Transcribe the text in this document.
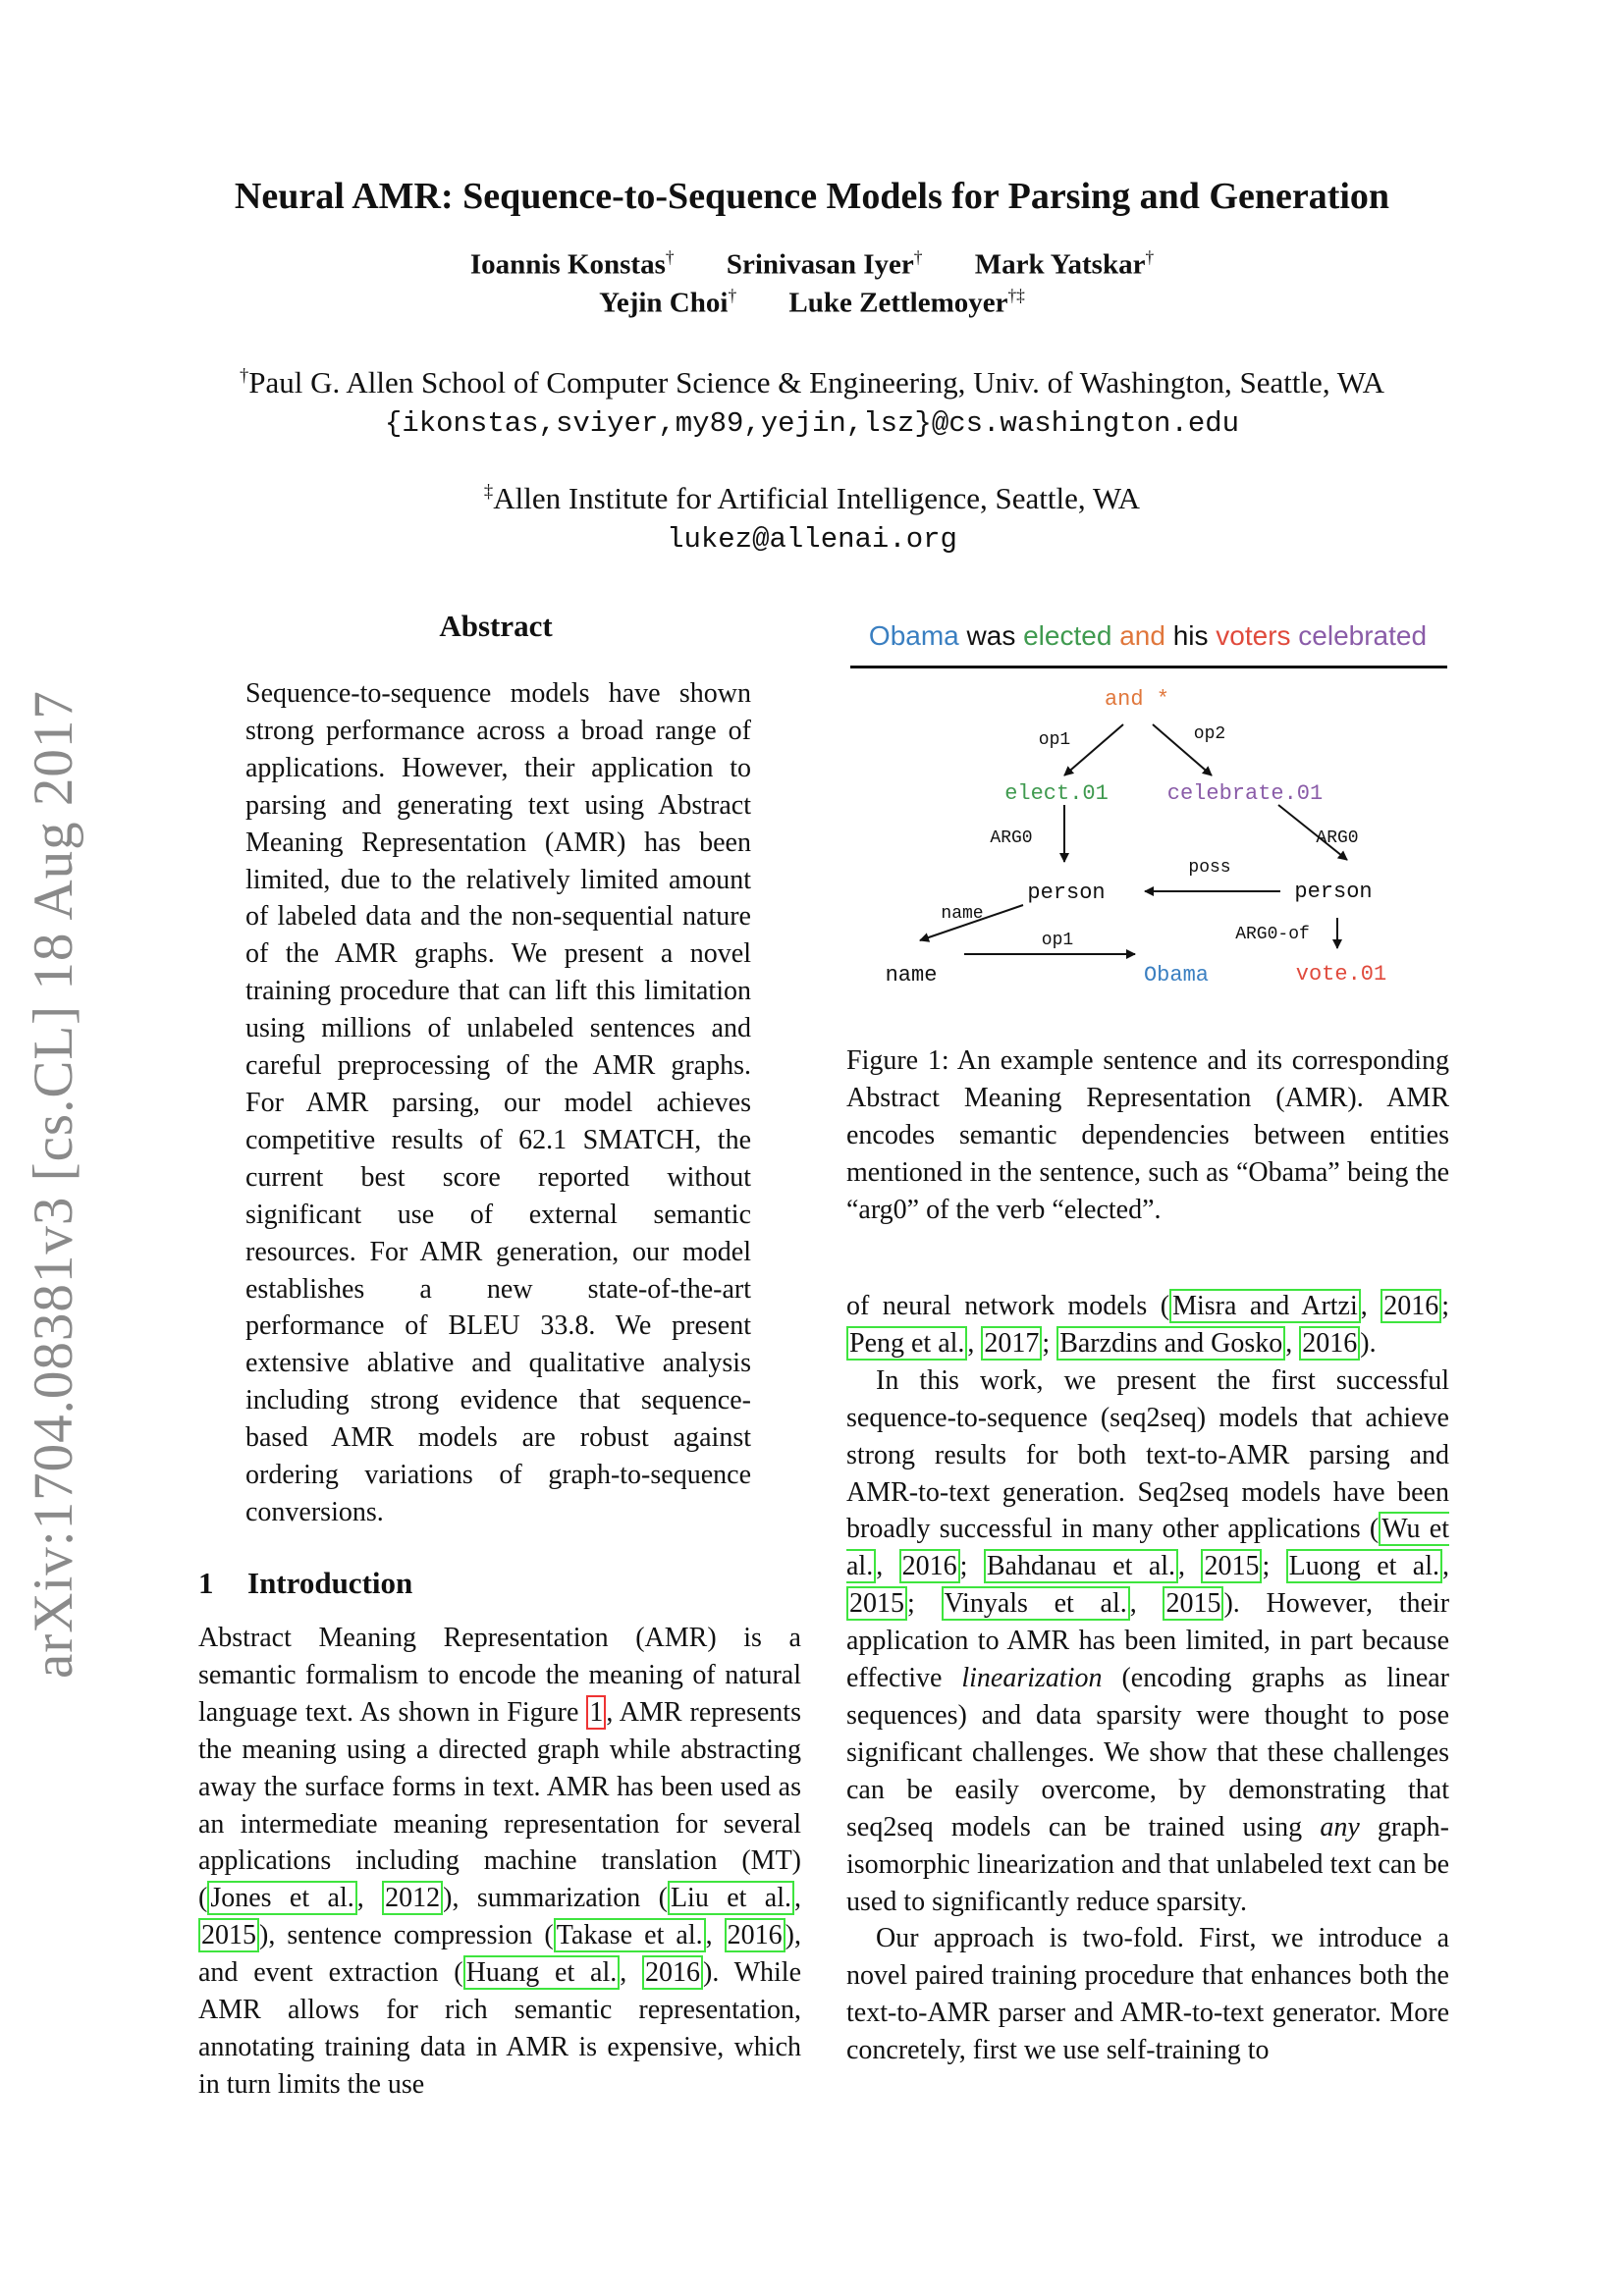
Neural AMR: Sequence-to-Sequence Models for Parsing and Generation
Ioannis Konstas† Srinivasan Iyer† Mark Yatskar†
Yejin Choi† Luke Zettlemoyer†‡
†Paul G. Allen School of Computer Science & Engineering, Univ. of Washington, Seattle, WA
{ikonstas,sviyer,my89,yejin,lsz}@cs.washington.edu
‡Allen Institute for Artificial Intelligence, Seattle, WA
lukez@allenai.org
arXiv:1704.08381v3 [cs.CL] 18 Aug 2017
Abstract
Sequence-to-sequence models have shown strong performance across a broad range of applications. However, their application to parsing and generating text using Abstract Meaning Representation (AMR) has been limited, due to the relatively limited amount of labeled data and the non-sequential nature of the AMR graphs. We present a novel training procedure that can lift this limitation using millions of unlabeled sentences and careful preprocessing of the AMR graphs. For AMR parsing, our model achieves competitive results of 62.1 SMATCH, the current best score reported without significant use of external semantic resources. For AMR generation, our model establishes a new state-of-the-art performance of BLEU 33.8. We present extensive ablative and qualitative analysis including strong evidence that sequence-based AMR models are robust against ordering variations of graph-to-sequence conversions.
1 Introduction

Abstract Meaning Representation (AMR) is a semantic formalism to encode the meaning of natural language text. As shown in Figure 1 , AMR represents the meaning using a directed graph while abstracting away the surface forms in text. AMR has been used as an intermediate meaning representation for several applications including machine translation (MT) ( Jones et al. , 2012 ), summarization ( Liu et al. , 2015 ), sentence compression ( Takase et al. , 2016 ), and event extraction ( Huang et al. , 2016 ). While AMR allows for rich semantic representation, annotating training data in AMR is expensive, which in turn limits the use

Obama was elected and his voters celebrated
op1	op2
ARG0	ARG0
poss
name
ARG0-of
op1
and *
elect.01	celebrate.01
person	person
name	Obama	vote.01
Figure 1: An example sentence and its corresponding Abstract Meaning Representation (AMR). AMR encodes semantic dependencies between entities mentioned in the sentence, such as “Obama” being the “arg0” of the verb “elected”.

of neural network models ( Misra and Artzi , 2016 ; Peng et al. , 2017 ; Barzdins and Gosko , 2016 ).

In this work, we present the first successful sequence-to-sequence (seq2seq) models that achieve strong results for both text-to-AMR parsing and AMR-to-text generation. Seq2seq models have been broadly successful in many other applications ( Wu et al. , 2016 ; Bahdanau et al. , 2015 ; Luong et al. , 2015 ; Vinyals et al. , 2015 ). However, their application to AMR has been limited, in part because effective linearization (encoding graphs as linear sequences) and data sparsity were thought to pose significant challenges. We show that these challenges can be easily overcome, by demonstrating that seq2seq models can be trained using any graph-isomorphic linearization and that unlabeled text can be used to significantly reduce sparsity.

Our approach is two-fold. First, we introduce a novel paired training procedure that enhances both the text-to-AMR parser and AMR-to-text generator. More concretely, first we use self-training to
